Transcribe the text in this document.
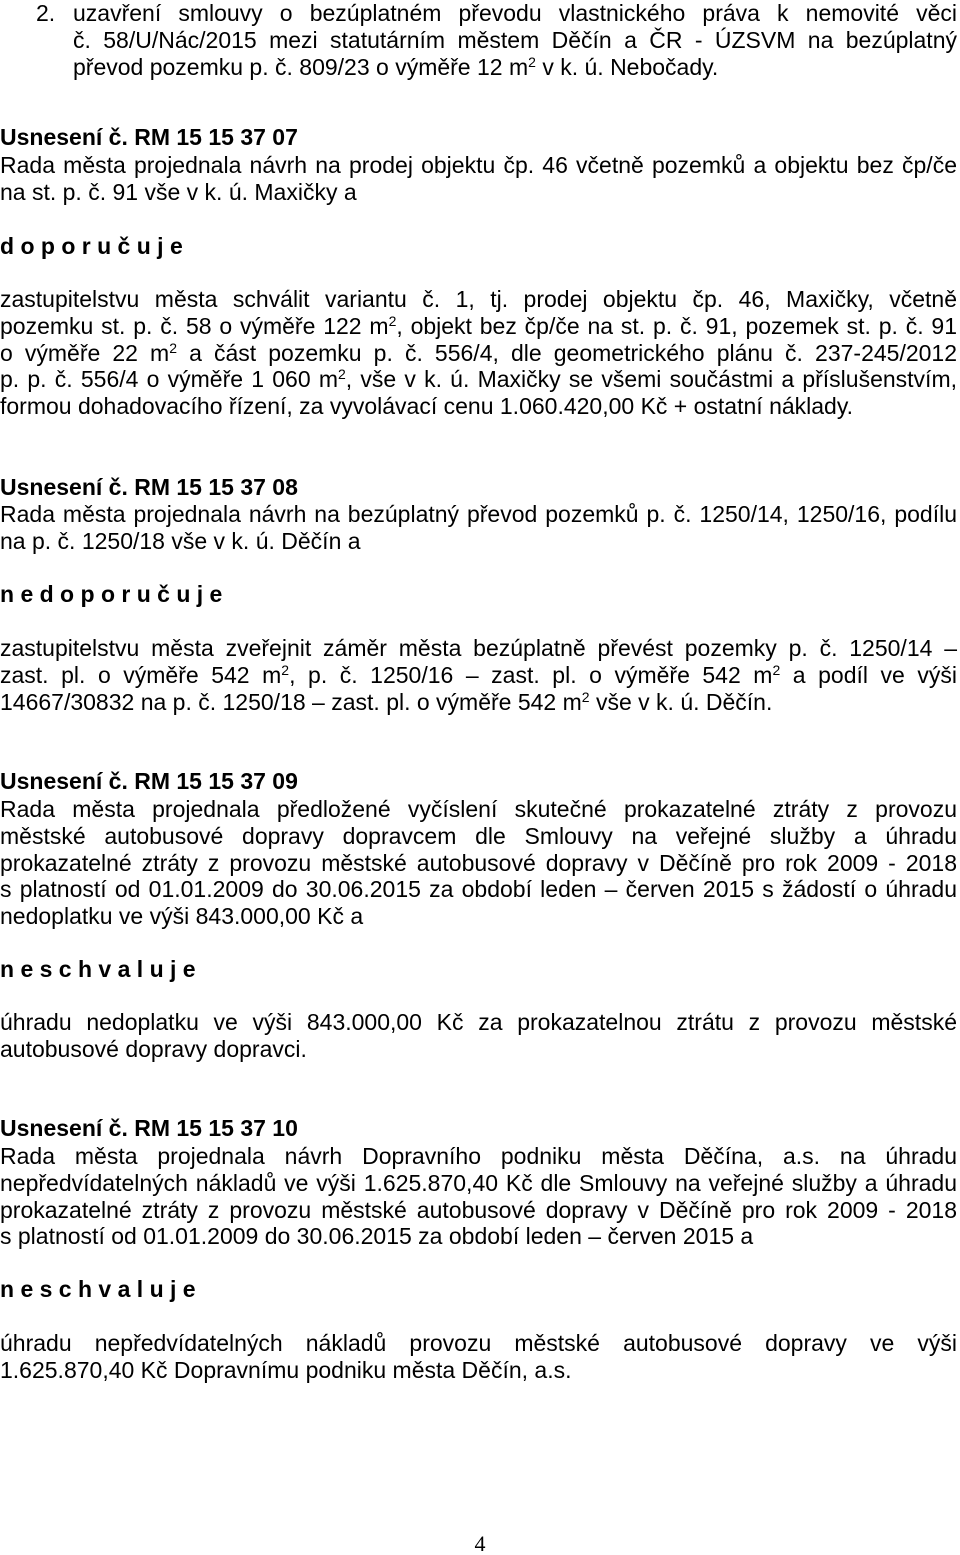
2. uzavření smlouvy o bezúplatném převodu vlastnického práva k nemovité věci
č. 58/U/Nác/2015 mezi statutárním městem Děčín a ČR - ÚZSVM na bezúplatný
převod pozemku p. č. 809/23 o výměře 12 $m^2$ v k. ú. Nebočady.
Usnesení č. RM 15 15 37 07
Rada města projednala návrh na prodej objektu čp. 46 včetně pozemků a objektu bez čp/če
na st. p. č. 91 vše v k. ú. Maxičky a
d o p o r u č u j e
zastupitelstvu města schválit variantu č. 1, tj. prodej objektu čp. 46, Maxičky, včetně
pozemku st. p. č. 58 o výměře 122 $m^2$, objekt bez čp/če na st. p. č. 91, pozemek st. p. č. 91
o výměře 22 $m^2$ a část pozemku p. č. 556/4, dle geometrického plánu č. 237-245/2012
p. p. č. 556/4 o výměře 1 060 $m^2$, vše v k. ú. Maxičky se všemi součástmi a příslušenstvím,
formou dohadovacího řízení, za vyvolávací cenu 1.060.420,00 Kč + ostatní náklady.
Usnesení č. RM 15 15 37 08
Rada města projednala návrh na bezúplatný převod pozemků p. č. 1250/14, 1250/16, podílu
na p. č. 1250/18 vše v k. ú. Děčín a
n e d o p o r u č u j e
zastupitelstvu města zveřejnit záměr města bezúplatně převést pozemky p. č. 1250/14 –
zast. pl. o výměře 542 $m^2$, p. č. 1250/16 – zast. pl. o výměře 542 $m^2$ a podíl ve výši
14667/30832 na p. č. 1250/18 – zast. pl. o výměře 542 $m^2$ vše v k. ú. Děčín.
Usnesení č. RM 15 15 37 09
Rada města projednala předložené vyčíslení skutečné prokazatelné ztráty z provozu
městské autobusové dopravy dopravcem dle Smlouvy na veřejné služby a úhradu
prokazatelné ztráty z provozu městské autobusové dopravy v Děčíně pro rok 2009 - 2018
s platností od 01.01.2009 do 30.06.2015 za období leden – červen 2015 s žádostí o úhradu
nedoplatku ve výši 843.000,00 Kč a
n e s c h v a l u j e
úhradu nedoplatku ve výši 843.000,00 Kč za prokazatelnou ztrátu z provozu městské
autobusové dopravy dopravci.
Usnesení č. RM 15 15 37 10
Rada města projednala návrh Dopravního podniku města Děčína, a.s. na úhradu
nepředvídatelných nákladů ve výši 1.625.870,40 Kč dle Smlouvy na veřejné služby a úhradu
prokazatelné ztráty z provozu městské autobusové dopravy v Děčíně pro rok 2009 - 2018
s platností od 01.01.2009 do 30.06.2015 za období leden – červen 2015 a
n e s c h v a l u j e
úhradu nepředvídatelných nákladů provozu městské autobusové dopravy ve výši
1.625.870,40 Kč Dopravnímu podniku města Děčín, a.s.
4
